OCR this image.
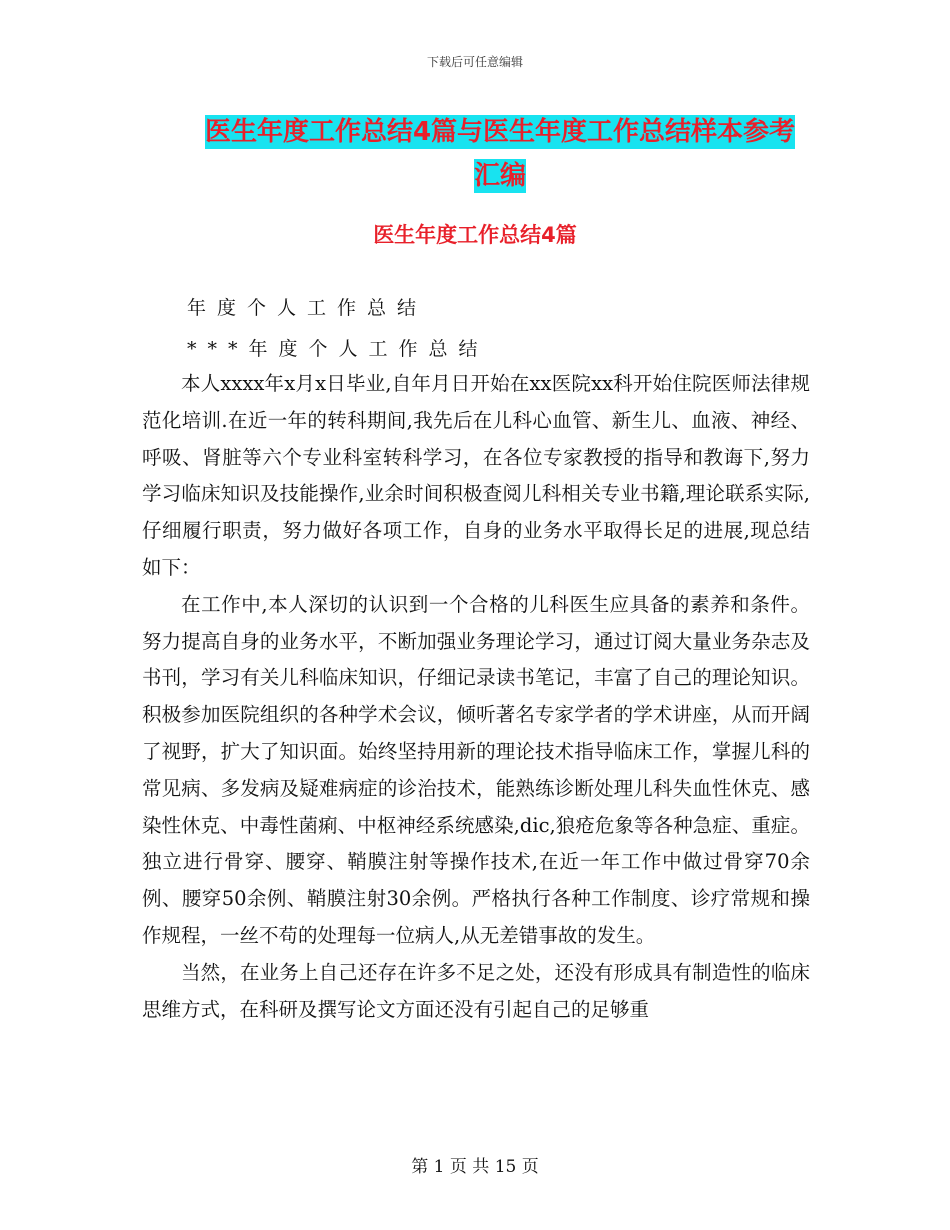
下载后可任意编辑
医生年度工作总结4篇与医生年度工作总结样本参考
汇编
医生年度工作总结4篇
年度个人工作总结
***年度个人工作总结

本人xxxx年x月x日毕业,自年月日开始在xx医院xx科开始住院医师法律规范化培训.在近一年的转科期间,我先后在儿科心血管、新生儿、血液、神经、呼吸、肾脏等六个专业科室转科学习，在各位专家教授的指导和教诲下,努力学习临床知识及技能操作,业余时间积极查阅儿科相关专业书籍,理论联系实际,仔细履行职责，努力做好各项工作，自身的业务水平取得长足的进展,现总结如下：

在工作中,本人深切的认识到一个合格的儿科医生应具备的素养和条件。努力提高自身的业务水平，不断加强业务理论学习，通过订阅大量业务杂志及书刊，学习有关儿科临床知识，仔细记录读书笔记，丰富了自己的理论知识。积极参加医院组织的各种学术会议，倾听著名专家学者的学术讲座，从而开阔了视野，扩大了知识面。始终坚持用新的理论技术指导临床工作，掌握儿科的常见病、多发病及疑难病症的诊治技术，能熟练诊断处理儿科失血性休克、感染性休克、中毒性菌痢、中枢神经系统感染,dic,狼疮危象等各种急症、重症。独立进行骨穿、腰穿、鞘膜注射等操作技术,在近一年工作中做过骨穿70余例、腰穿50余例、鞘膜注射30余例。严格执行各种工作制度、诊疗常规和操作规程，一丝不苟的处理每一位病人,从无差错事故的发生。

当然，在业务上自己还存在许多不足之处，还没有形成具有制造性的临床思维方式，在科研及撰写论文方面还没有引起自己的足够重

第 1 页 共 15 页
